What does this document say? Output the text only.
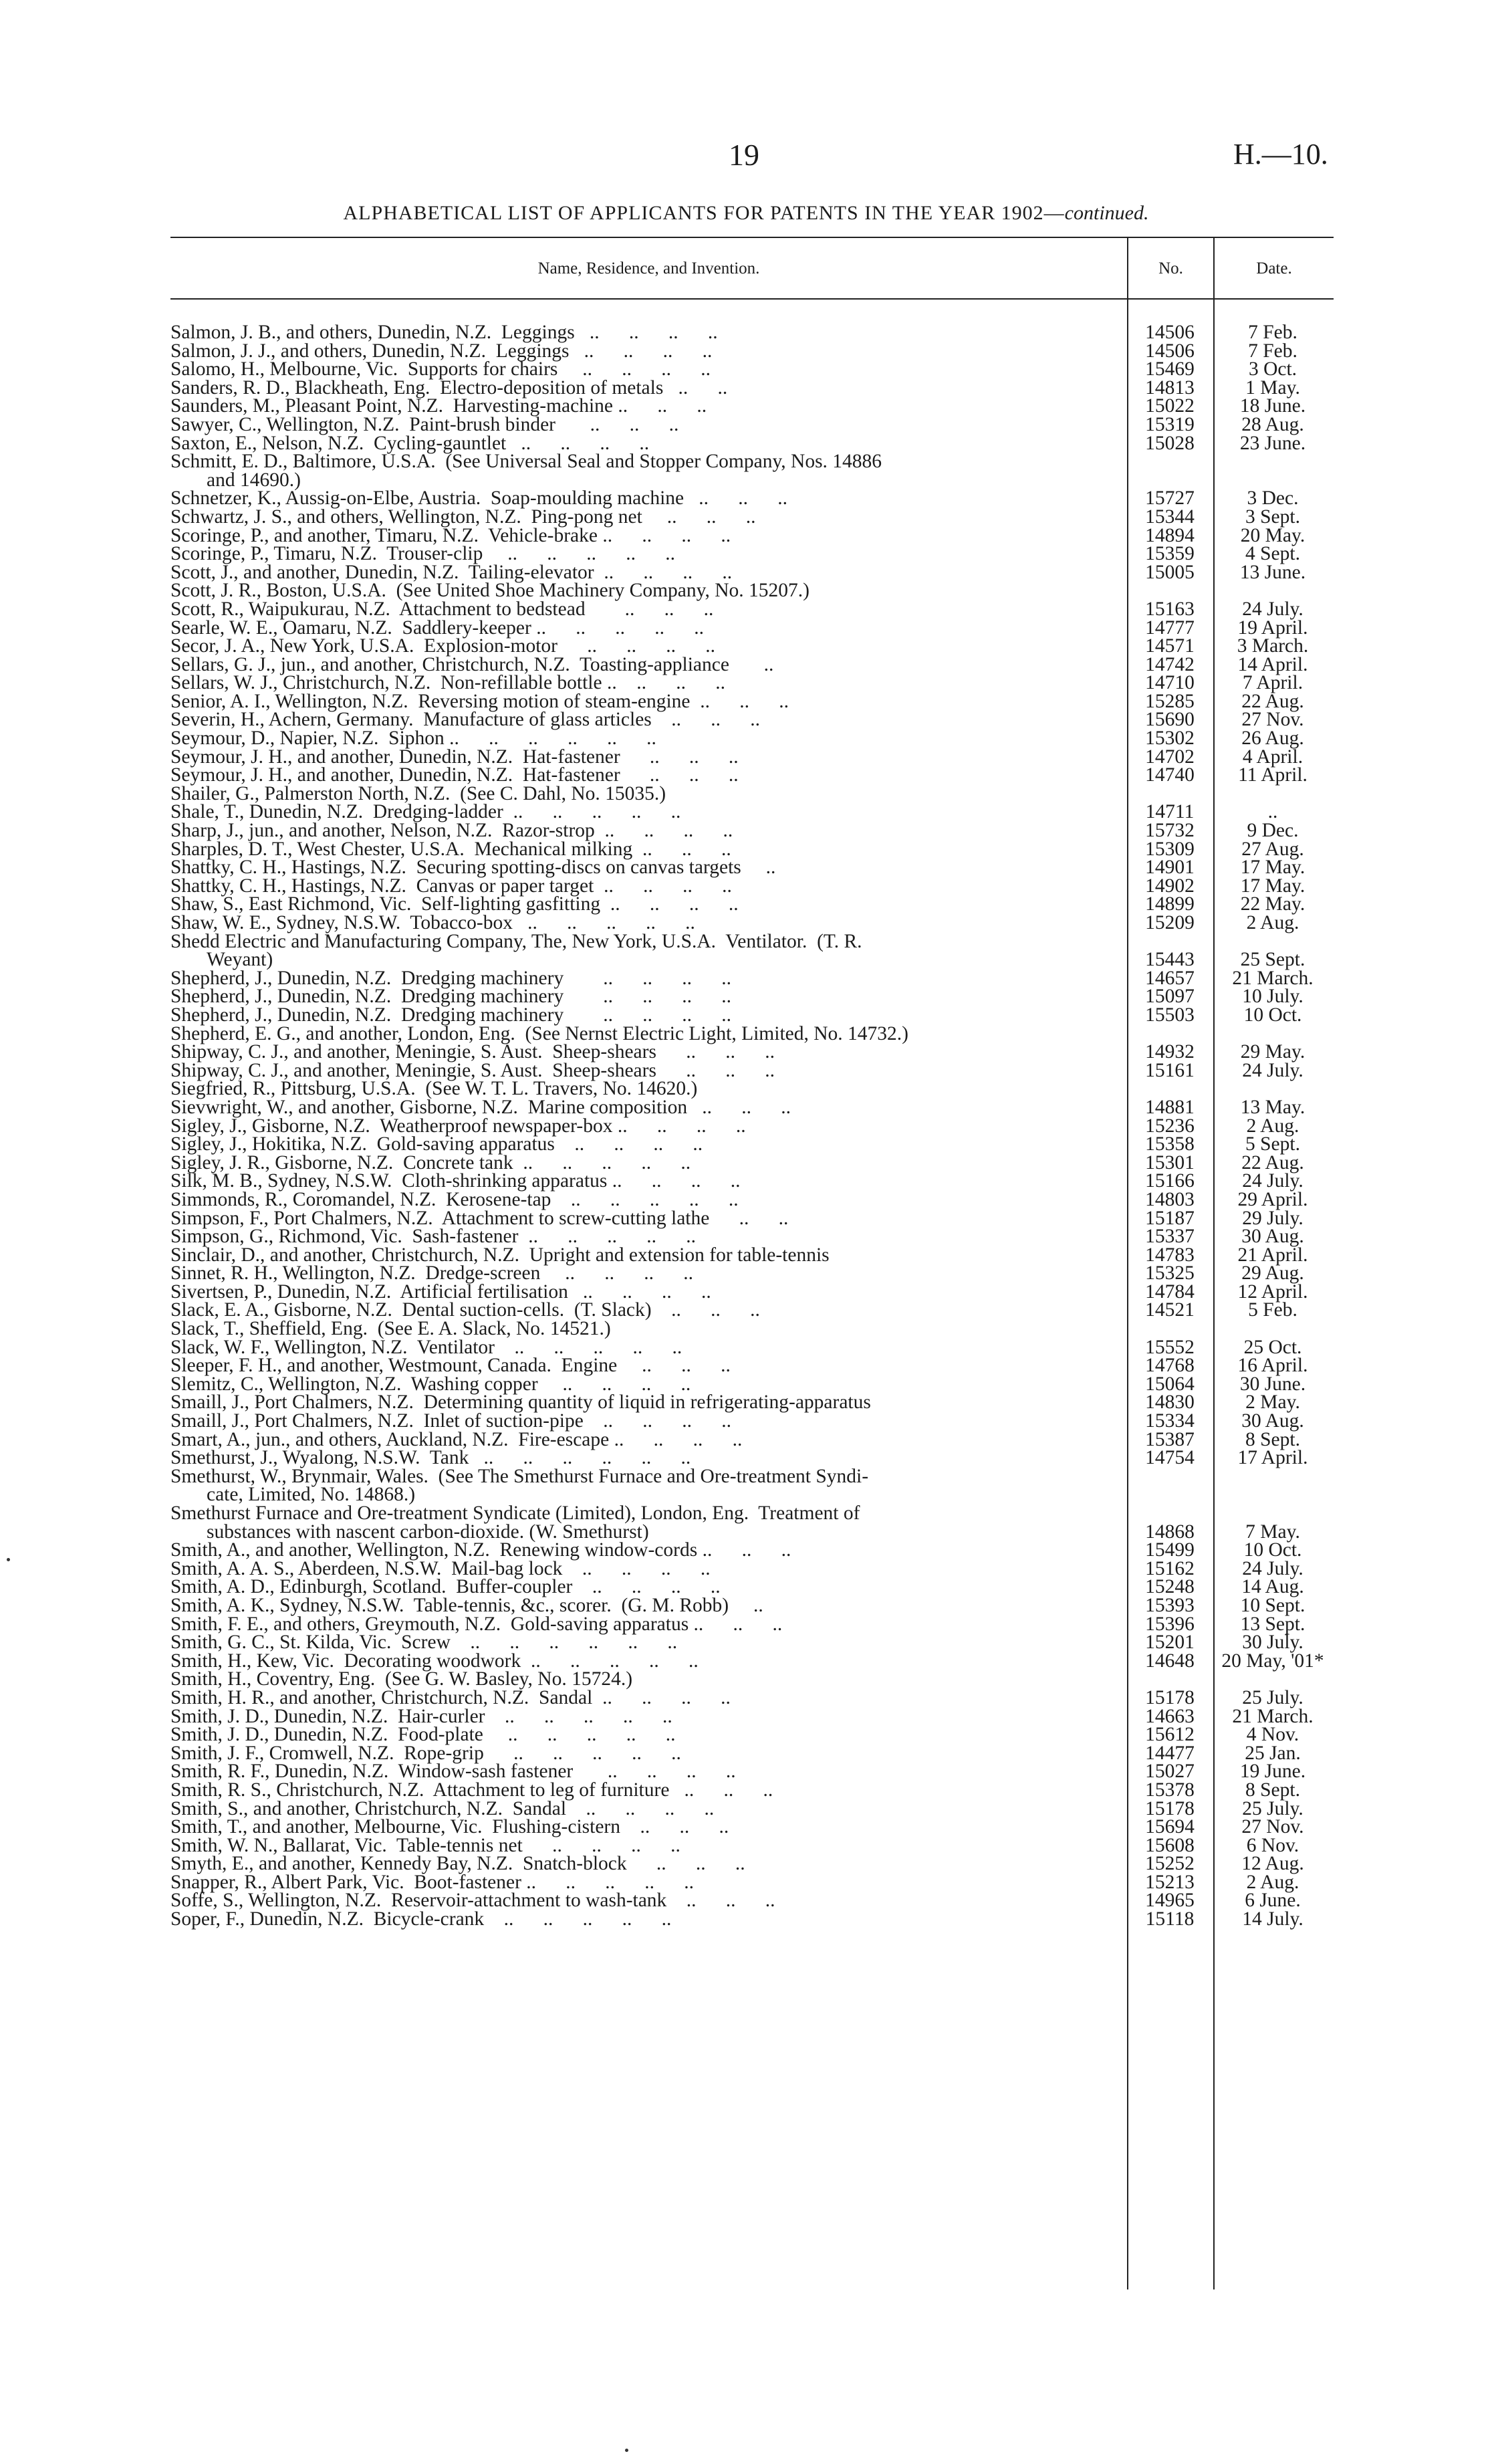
19	H.—10.
ALPHABETICAL LIST OF APPLICANTS FOR PATENTS IN THE YEAR 1902—continued.
Name, Residence, and Invention.	No.	Date.
Salmon, J. B., and others, Dunedin, N.Z.  Leggings   ..      ..      ..      ..	14506	7 Feb.
Salmon, J. J., and others, Dunedin, N.Z.  Leggings   ..      ..      ..      ..	14506	7 Feb.
Salomo, H., Melbourne, Vic.  Supports for chairs     ..      ..      ..      ..	15469	3 Oct.
Sanders, R. D., Blackheath, Eng.  Electro-deposition of metals   ..      ..	14813	1 May.
Saunders, M., Pleasant Point, N.Z.  Harvesting-machine ..      ..      ..	15022	18 June.
Sawyer, C., Wellington, N.Z.  Paint-brush binder       ..      ..      ..	15319	28 Aug.
Saxton, E., Nelson, N.Z.  Cycling-gauntlet   ..      ..      ..      ..	15028	23 June.
Schmitt, E. D., Baltimore, U.S.A.  (See Universal Seal and Stopper Company, Nos. 14886
and 14690.)
Schnetzer, K., Aussig-on-Elbe, Austria.  Soap-moulding machine   ..      ..      ..	15727	3 Dec.
Schwartz, J. S., and others, Wellington, N.Z.  Ping-pong net     ..      ..      ..	15344	3 Sept.
Scoringe, P., and another, Timaru, N.Z.  Vehicle-brake ..      ..      ..      ..	14894	20 May.
Scoringe, P., Timaru, N.Z.  Trouser-clip     ..      ..      ..      ..      ..	15359	4 Sept.
Scott, J., and another, Dunedin, N.Z.  Tailing-elevator  ..      ..      ..      ..	15005	13 June.
Scott, J. R., Boston, U.S.A.  (See United Shoe Machinery Company, No. 15207.)
Scott, R., Waipukurau, N.Z.  Attachment to bedstead        ..      ..      ..	15163	24 July.
Searle, W. E., Oamaru, N.Z.  Saddlery-keeper ..      ..      ..      ..      ..	14777	19 April.
Secor, J. A., New York, U.S.A.  Explosion-motor      ..      ..      ..      ..	14571	3 March.
Sellars, G. J., jun., and another, Christchurch, N.Z.  Toasting-appliance       ..	14742	14 April.
Sellars, W. J., Christchurch, N.Z.  Non-refillable bottle ..    ..      ..      ..	14710	7 April.
Senior, A. I., Wellington, N.Z.  Reversing motion of steam-engine  ..      ..      ..	15285	22 Aug.
Severin, H., Achern, Germany.  Manufacture of glass articles    ..      ..      ..	15690	27 Nov.
Seymour, D., Napier, N.Z.  Siphon ..      ..      ..      ..      ..      ..	15302	26 Aug.
Seymour, J. H., and another, Dunedin, N.Z.  Hat-fastener      ..      ..      ..	14702	4 April.
Seymour, J. H., and another, Dunedin, N.Z.  Hat-fastener      ..      ..      ..	14740	11 April.
Shailer, G., Palmerston North, N.Z.  (See C. Dahl, No. 15035.)
Shale, T., Dunedin, N.Z.  Dredging-ladder  ..      ..      ..      ..      ..	14711	..
Sharp, J., jun., and another, Nelson, N.Z.  Razor-strop  ..      ..      ..      ..	15732	9 Dec.
Sharples, D. T., West Chester, U.S.A.  Mechanical milking  ..      ..      ..	15309	27 Aug.
Shattky, C. H., Hastings, N.Z.  Securing spotting-discs on canvas targets     ..	14901	17 May.
Shattky, C. H., Hastings, N.Z.  Canvas or paper target  ..      ..      ..      ..	14902	17 May.
Shaw, S., East Richmond, Vic.  Self-lighting gasfitting  ..      ..      ..      ..	14899	22 May.
Shaw, W. E., Sydney, N.S.W.  Tobacco-box   ..      ..      ..      ..      ..	15209	2 Aug.
Shedd Electric and Manufacturing Company, The, New York, U.S.A.  Ventilator.  (T. R.
Weyant)	15443	25 Sept.
Shepherd, J., Dunedin, N.Z.  Dredging machinery        ..      ..      ..      ..	14657	21 March.
Shepherd, J., Dunedin, N.Z.  Dredging machinery        ..      ..      ..      ..	15097	10 July.
Shepherd, J., Dunedin, N.Z.  Dredging machinery        ..      ..      ..      ..	15503	10 Oct.
Shepherd, E. G., and another, London, Eng.  (See Nernst Electric Light, Limited, No. 14732.)
Shipway, C. J., and another, Meningie, S. Aust.  Sheep-shears      ..      ..      ..	14932	29 May.
Shipway, C. J., and another, Meningie, S. Aust.  Sheep-shears      ..      ..      ..	15161	24 July.
Siegfried, R., Pittsburg, U.S.A.  (See W. T. L. Travers, No. 14620.)
Sievwright, W., and another, Gisborne, N.Z.  Marine composition   ..      ..      ..	14881	13 May.
Sigley, J., Gisborne, N.Z.  Weatherproof newspaper-box ..      ..      ..      ..	15236	2 Aug.
Sigley, J., Hokitika, N.Z.  Gold-saving apparatus    ..      ..      ..      ..	15358	5 Sept.
Sigley, J. R., Gisborne, N.Z.  Concrete tank  ..      ..      ..      ..      ..	15301	22 Aug.
Silk, M. B., Sydney, N.S.W.  Cloth-shrinking apparatus ..      ..      ..      ..	15166	24 July.
Simmonds, R., Coromandel, N.Z.  Kerosene-tap    ..      ..      ..      ..      ..	14803	29 April.
Simpson, F., Port Chalmers, N.Z.  Attachment to screw-cutting lathe      ..      ..	15187	29 July.
Simpson, G., Richmond, Vic.  Sash-fastener  ..      ..      ..      ..      ..	15337	30 Aug.
Sinclair, D., and another, Christchurch, N.Z.  Upright and extension for table-tennis	14783	21 April.
Sinnet, R. H., Wellington, N.Z.  Dredge-screen     ..      ..      ..      ..	15325	29 Aug.
Sivertsen, P., Dunedin, N.Z.  Artificial fertilisation   ..      ..      ..      ..	14784	12 April.
Slack, E. A., Gisborne, N.Z.  Dental suction-cells.  (T. Slack)    ..      ..      ..	14521	5 Feb.
Slack, T., Sheffield, Eng.  (See E. A. Slack, No. 14521.)
Slack, W. F., Wellington, N.Z.  Ventilator    ..      ..      ..      ..      ..	15552	25 Oct.
Sleeper, F. H., and another, Westmount, Canada.  Engine     ..      ..      ..	14768	16 April.
Slemitz, C., Wellington, N.Z.  Washing copper     ..      ..      ..      ..	15064	30 June.
Smaill, J., Port Chalmers, N.Z.  Determining quantity of liquid in refrigerating-apparatus	14830	2 May.
Smaill, J., Port Chalmers, N.Z.  Inlet of suction-pipe    ..      ..      ..      ..	15334	30 Aug.
Smart, A., jun., and others, Auckland, N.Z.  Fire-escape ..      ..      ..      ..	15387	8 Sept.
Smethurst, J., Wyalong, N.S.W.  Tank   ..      ..      ..      ..      ..      ..	14754	17 April.
Smethurst, W., Brynmair, Wales.  (See The Smethurst Furnace and Ore-treatment Syndi-
cate, Limited, No. 14868.)
Smethurst Furnace and Ore-treatment Syndicate (Limited), London, Eng.  Treatment of
substances with nascent carbon-dioxide. (W. Smethurst)	14868	7 May.
Smith, A., and another, Wellington, N.Z.  Renewing window-cords ..      ..      ..	15499	10 Oct.
Smith, A. A. S., Aberdeen, N.S.W.  Mail-bag lock    ..      ..      ..      ..	15162	24 July.
Smith, A. D., Edinburgh, Scotland.  Buffer-coupler    ..      ..      ..      ..	15248	14 Aug.
Smith, A. K., Sydney, N.S.W.  Table-tennis, &c., scorer.  (G. M. Robb)     ..	15393	10 Sept.
Smith, F. E., and others, Greymouth, N.Z.  Gold-saving apparatus ..      ..      ..	15396	13 Sept.
Smith, G. C., St. Kilda, Vic.  Screw    ..      ..      ..      ..      ..      ..	15201	30 July.
Smith, H., Kew, Vic.  Decorating woodwork  ..      ..      ..      ..      ..	14648	20 May, '01*
Smith, H., Coventry, Eng.  (See G. W. Basley, No. 15724.)
Smith, H. R., and another, Christchurch, N.Z.  Sandal  ..      ..      ..      ..	15178	25 July.
Smith, J. D., Dunedin, N.Z.  Hair-curler    ..      ..      ..      ..      ..	14663	21 March.
Smith, J. D., Dunedin, N.Z.  Food-plate     ..      ..      ..      ..      ..	15612	4 Nov.
Smith, J. F., Cromwell, N.Z.  Rope-grip      ..      ..      ..      ..      ..	14477	25 Jan.
Smith, R. F., Dunedin, N.Z.  Window-sash fastener       ..      ..      ..      ..	15027	19 June.
Smith, R. S., Christchurch, N.Z.  Attachment to leg of furniture   ..      ..      ..	15378	8 Sept.
Smith, S., and another, Christchurch, N.Z.  Sandal    ..      ..      ..      ..	15178	25 July.
Smith, T., and another, Melbourne, Vic.  Flushing-cistern    ..      ..      ..	15694	27 Nov.
Smith, W. N., Ballarat, Vic.  Table-tennis net      ..      ..      ..      ..	15608	6 Nov.
Smyth, E., and another, Kennedy Bay, N.Z.  Snatch-block      ..      ..      ..	15252	12 Aug.
Snapper, R., Albert Park, Vic.  Boot-fastener ..      ..      ..      ..      ..	15213	2 Aug.
Soffe, S., Wellington, N.Z.  Reservoir-attachment to wash-tank    ..      ..      ..	14965	6 June.
Soper, F., Dunedin, N.Z.  Bicycle-crank    ..      ..      ..      ..      ..	15118	14 July.
